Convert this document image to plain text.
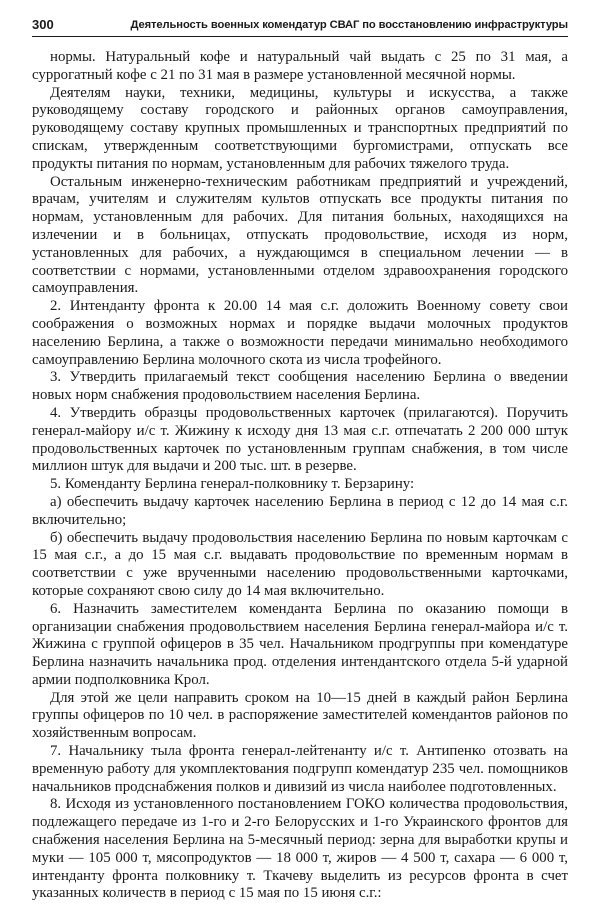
300	Деятельность военных комендатур СВАГ по восстановлению инфраструктуры

нормы. Натуральный кофе и натуральный чай выдать с 25 по 31 мая, а суррогатный кофе с 21 по 31 мая в размере установленной месячной нормы.

Деятелям науки, техники, медицины, культуры и искусства, а также руководящему составу городского и районных органов самоуправления, руководящему составу крупных промышленных и транспортных предприятий по спискам, утвержденным соответствующими бургомистрами, отпускать все продукты питания по нормам, установленным для рабочих тяжелого труда.

Остальным инженерно-техническим работникам предприятий и учреждений, врачам, учителям и служителям культов отпускать все продукты питания по нормам, установленным для рабочих. Для питания больных, находящихся на излечении и в больницах, отпускать продовольствие, исходя из норм, установленных для рабочих, а нуждающимся в специальном лечении — в соответствии с нормами, установленными отделом здравоохранения городского самоуправления.

2. Интенданту фронта к 20.00 14 мая с.г. доложить Военному совету свои соображения о возможных нормах и порядке выдачи молочных продуктов населению Берлина, а также о возможности передачи минимально необходимого самоуправлению Берлина молочного скота из числа трофейного.

3. Утвердить прилагаемый текст сообщения населению Берлина о введении новых норм снабжения продовольствием населения Берлина.

4. Утвердить образцы продовольственных карточек (прилагаются). Поручить генерал-майору и/с т. Жижину к исходу дня 13 мая с.г. отпечатать 2 200 000 штук продовольственных карточек по установленным группам снабжения, в том числе миллион штук для выдачи и 200 тыс. шт. в резерве.

5. Коменданту Берлина генерал-полковнику т. Берзарину:

а) обеспечить выдачу карточек населению Берлина в период с 12 до 14 мая с.г. включительно;

б) обеспечить выдачу продовольствия населению Берлина по новым карточкам с 15 мая с.г., а до 15 мая с.г. выдавать продовольствие по временным нормам в соответствии с уже врученными населению продовольственными карточками, которые сохраняют свою силу до 14 мая включительно.

6. Назначить заместителем коменданта Берлина по оказанию помощи в организации снабжения продовольствием населения Берлина генерал-майора и/с т. Жижина с группой офицеров в 35 чел. Начальником продгруппы при комендатуре Берлина назначить начальника прод. отделения интендантского отдела 5-й ударной армии подполковника Крол.

Для этой же цели направить сроком на 10—15 дней в каждый район Берлина группы офицеров по 10 чел. в распоряжение заместителей комендантов районов по хозяйственным вопросам.

7. Начальнику тыла фронта генерал-лейтенанту и/с т. Антипенко отозвать на временную работу для укомплектования подгрупп комендатур 235 чел. помощников начальников продснабжения полков и дивизий из числа наиболее подготовленных.

8. Исходя из установленного постановлением ГОКО количества продовольствия, подлежащего передаче из 1-го и 2-го Белорусских и 1-го Украинского фронтов для снабжения населения Берлина на 5-месячный период: зерна для выработки крупы и муки — 105 000 т, мясопродуктов — 18 000 т, жиров — 4 500 т, сахара — 6 000 т, интенданту фронта полковнику т. Ткачеву выделить из ресурсов фронта в счет указанных количеств в период с 15 мая по 15 июня с.г.:
